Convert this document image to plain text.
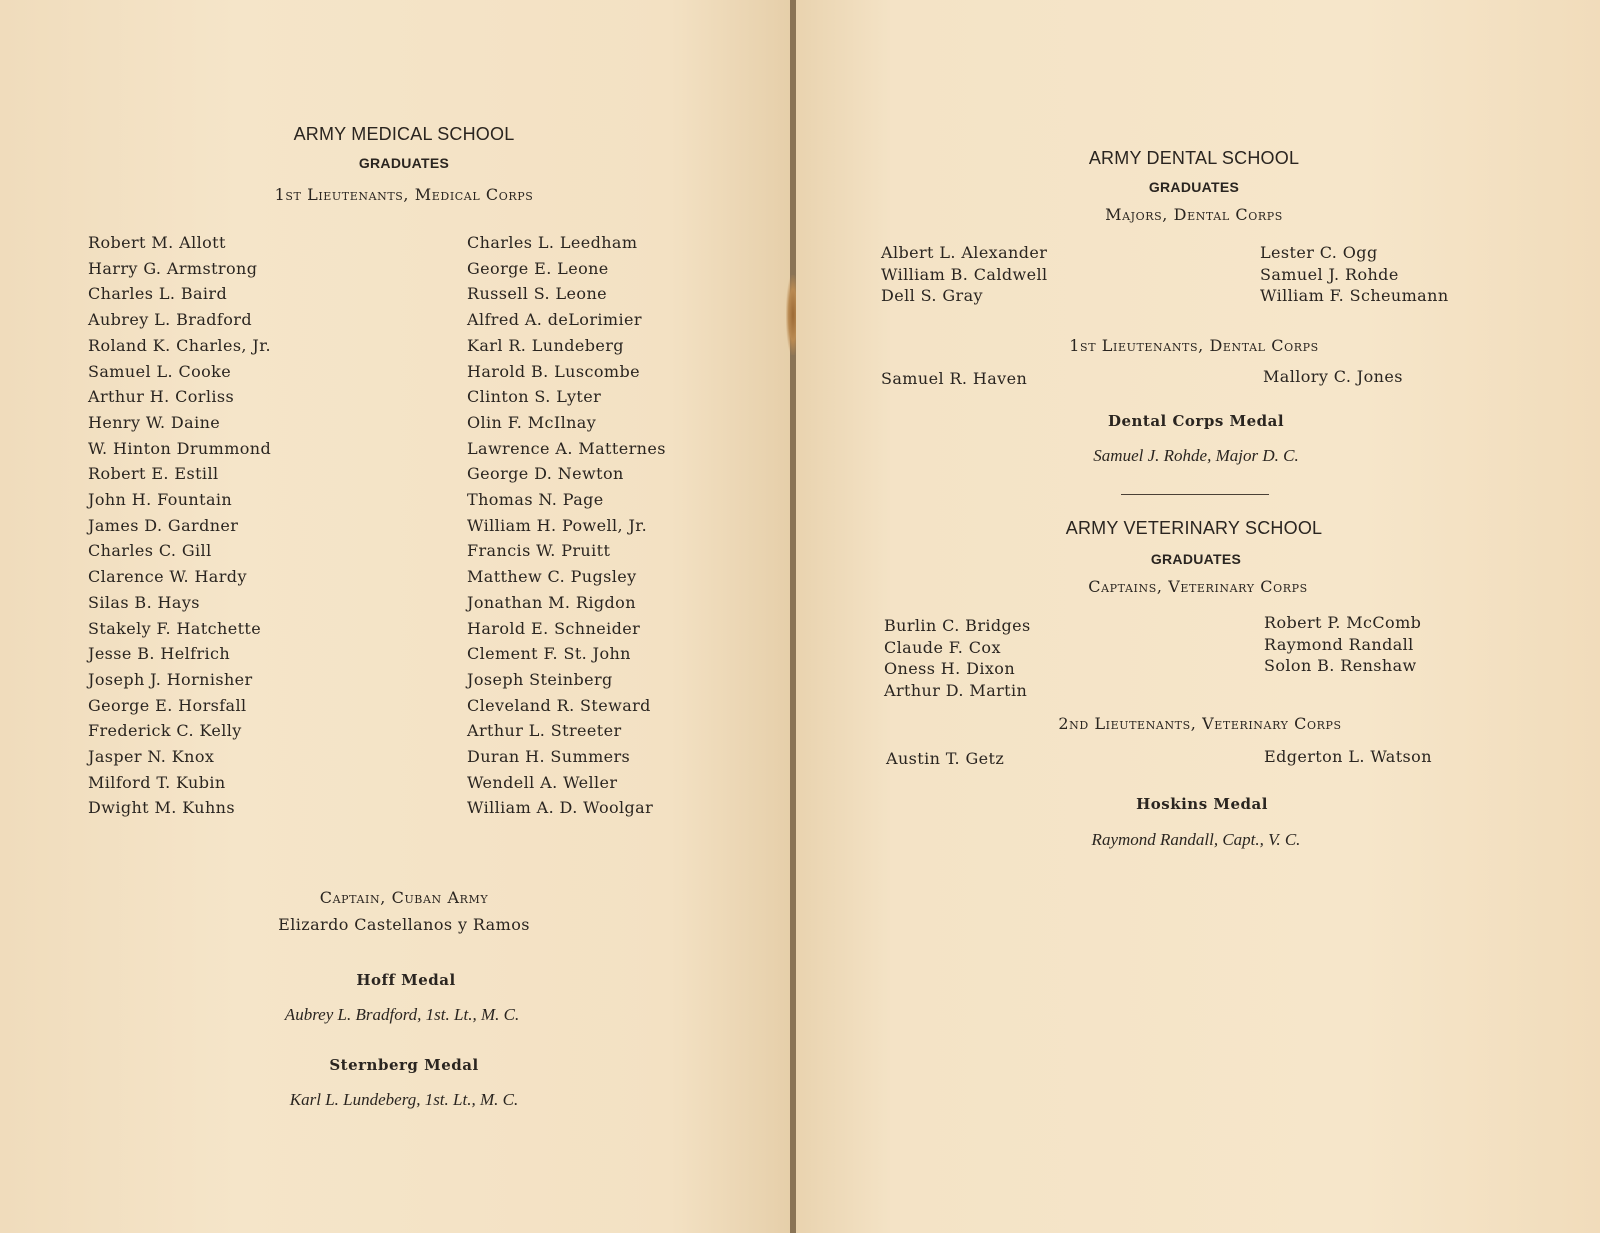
ARMY MEDICAL SCHOOL
GRADUATES
1st Lieutenants, Medical Corps
Robert M. Allott
Harry G. Armstrong
Charles L. Baird
Aubrey L. Bradford
Roland K. Charles, Jr.
Samuel L. Cooke
Arthur H. Corliss
Henry W. Daine
W. Hinton Drummond
Robert E. Estill
John H. Fountain
James D. Gardner
Charles C. Gill
Clarence W. Hardy
Silas B. Hays
Stakely F. Hatchette
Jesse B. Helfrich
Joseph J. Hornisher
George E. Horsfall
Frederick C. Kelly
Jasper N. Knox
Milford T. Kubin
Dwight M. Kuhns
Charles L. Leedham
George E. Leone
Russell S. Leone
Alfred A. deLorimier
Karl R. Lundeberg
Harold B. Luscombe
Clinton S. Lyter
Olin F. McIlnay
Lawrence A. Matternes
George D. Newton
Thomas N. Page
William H. Powell, Jr.
Francis W. Pruitt
Matthew C. Pugsley
Jonathan M. Rigdon
Harold E. Schneider
Clement F. St. John
Joseph Steinberg
Cleveland R. Steward
Arthur L. Streeter
Duran H. Summers
Wendell A. Weller
William A. D. Woolgar
Captain, Cuban Army
Elizardo Castellanos y Ramos
Hoff Medal
Aubrey L. Bradford, 1st. Lt., M. C.
Sternberg Medal
Karl L. Lundeberg, 1st. Lt., M. C.
ARMY DENTAL SCHOOL
GRADUATES
Majors, Dental Corps
Albert L. Alexander
William B. Caldwell
Dell S. Gray
Lester C. Ogg
Samuel J. Rohde
William F. Scheumann
1st Lieutenants, Dental Corps
Samuel R. Haven	Mallory C. Jones
Dental Corps Medal
Samuel J. Rohde, Major D. C.
ARMY VETERINARY SCHOOL
GRADUATES
Captains, Veterinary Corps
Burlin C. Bridges
Claude F. Cox
Oness H. Dixon
Arthur D. Martin
Robert P. McComb
Raymond Randall
Solon B. Renshaw
2nd Lieutenants, Veterinary Corps
Austin T. Getz	Edgerton L. Watson
Hoskins Medal
Raymond Randall, Capt., V. C.
